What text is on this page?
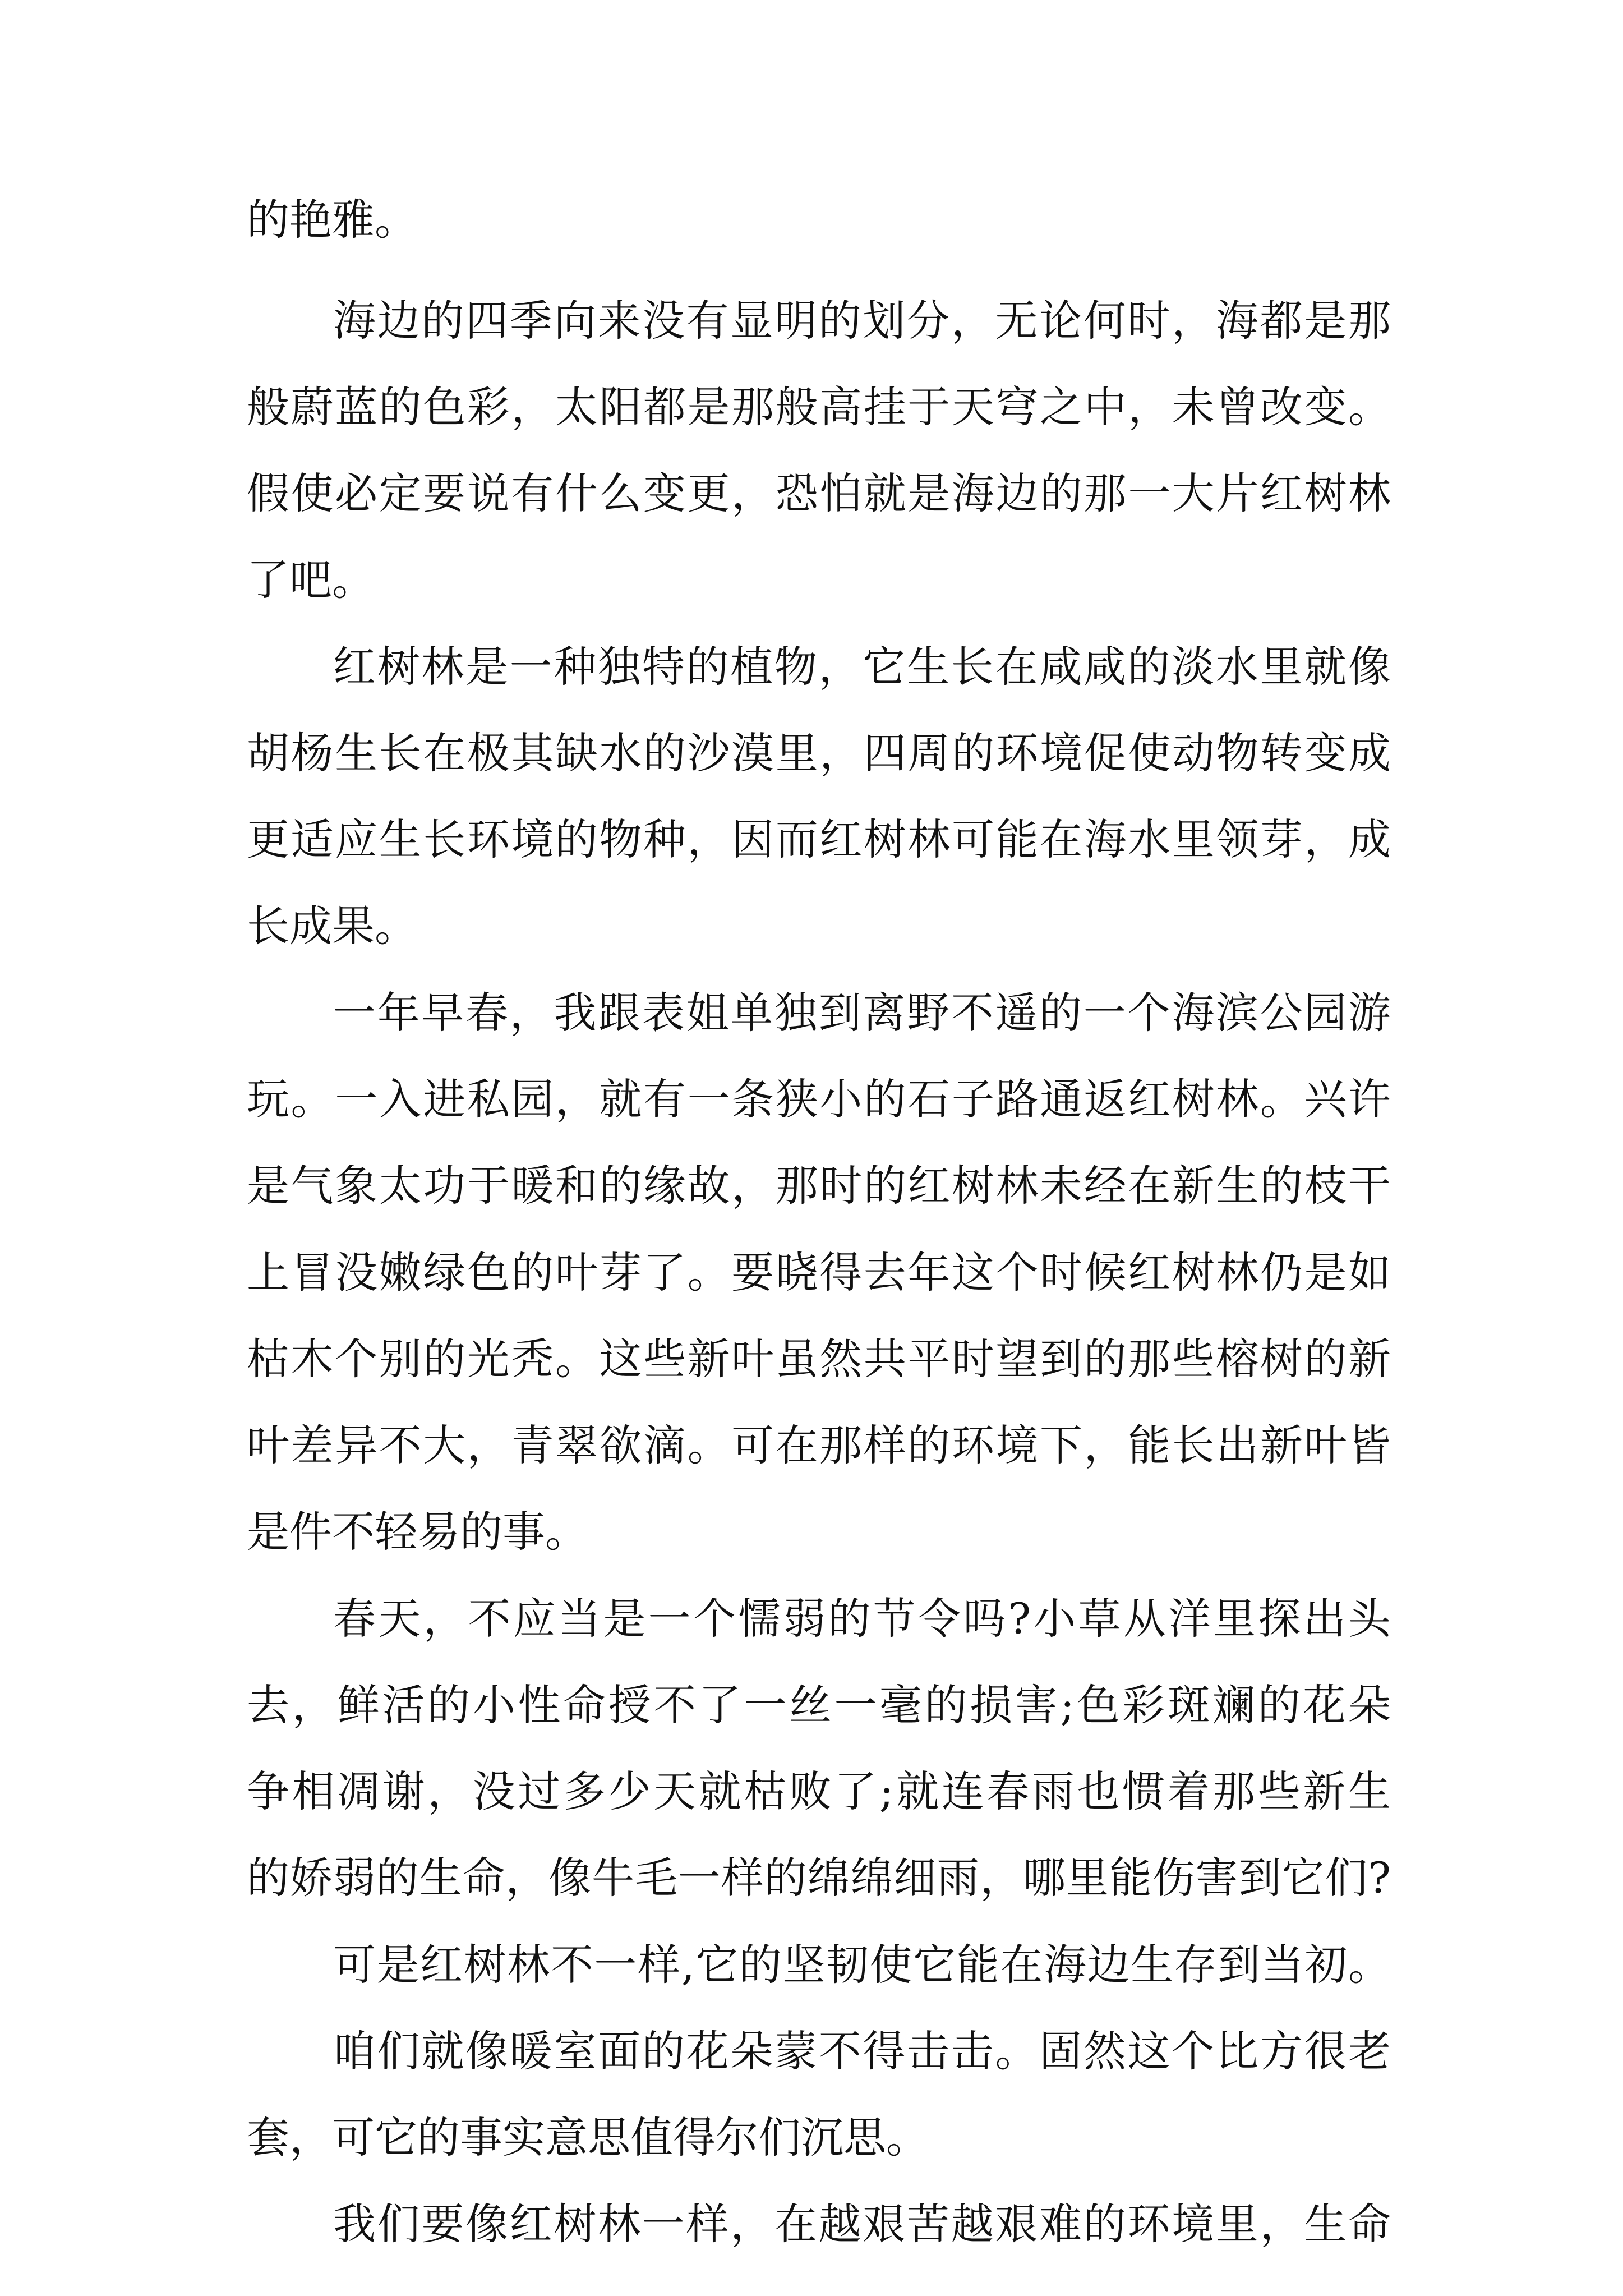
的艳雅。
海边的四季向来没有显明的划分，无论何时，海都是那
般蔚蓝的色彩，太阳都是那般高挂于天穹之中，未曾改变。
假使必定要说有什么变更，恐怕就是海边的那一大片红树林
了吧。
红树林是一种独特的植物，它生长在咸咸的淡水里就像
胡杨生长在极其缺水的沙漠里，四周的环境促使动物转变成
更适应生长环境的物种，因而红树林可能在海水里领芽，成
长成果。
一年早春，我跟表姐单独到离野不遥的一个海滨公园游
玩。一入进私园，就有一条狭小的石子路通返红树林。兴许
是气象太功于暖和的缘故，那时的红树林未经在新生的枝干
上冒没嫩绿色的叶芽了。要晓得去年这个时候红树林仍是如
枯木个别的光秃。这些新叶虽然共平时望到的那些榕树的新
叶差异不大，青翠欲滴。可在那样的环境下，能长出新叶皆
是件不轻易的事。
春天，不应当是一个懦弱的节令吗?小草从洋里探出头
去，鲜活的小性命授不了一丝一毫的损害;色彩斑斓的花朵
争相凋谢，没过多少天就枯败了;就连春雨也惯着那些新生
的娇弱的生命，像牛毛一样的绵绵细雨，哪里能伤害到它们?
可是红树林不一样,它的坚韧使它能在海边生存到当初。
咱们就像暖室面的花朵蒙不得击击。固然这个比方很老
套，可它的事实意思值得尔们沉思。
我们要像红树林一样，在越艰苦越艰难的环境里，生命
